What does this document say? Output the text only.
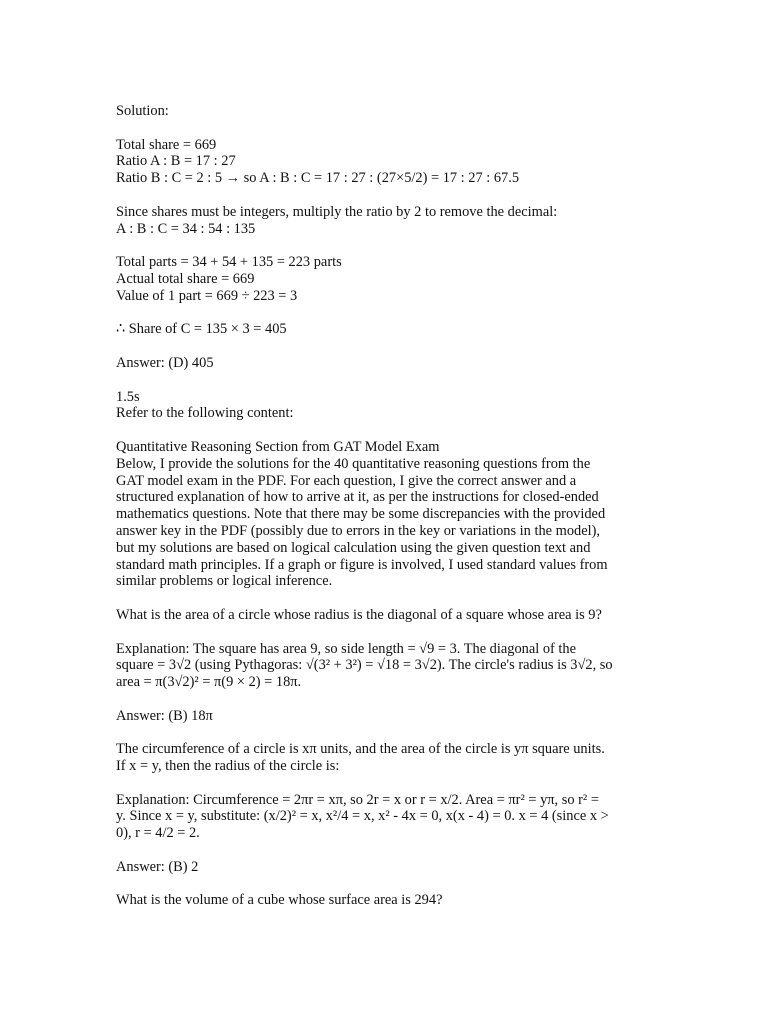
Solution:
Total share = 669
Ratio A : B = 17 : 27
Ratio B : C = 2 : 5 → so A : B : C = 17 : 27 : (27×5/2) = 17 : 27 : 67.5
Since shares must be integers, multiply the ratio by 2 to remove the decimal:
A : B : C = 34 : 54 : 135
Total parts = 34 + 54 + 135 = 223 parts
Actual total share = 669
Value of 1 part = 669 ÷ 223 = 3
∴ Share of C = 135 × 3 = 405
Answer: (D) 405
1.5s
Refer to the following content:
Quantitative Reasoning Section from GAT Model Exam
Below, I provide the solutions for the 40 quantitative reasoning questions from the
GAT model exam in the PDF. For each question, I give the correct answer and a
structured explanation of how to arrive at it, as per the instructions for closed-ended
mathematics questions. Note that there may be some discrepancies with the provided
answer key in the PDF (possibly due to errors in the key or variations in the model),
but my solutions are based on logical calculation using the given question text and
standard math principles. If a graph or figure is involved, I used standard values from
similar problems or logical inference.
What is the area of a circle whose radius is the diagonal of a square whose area is 9?
Explanation: The square has area 9, so side length = √9 = 3. The diagonal of the
square = 3√2 (using Pythagoras: √(3² + 3²) = √18 = 3√2). The circle's radius is 3√2, so
area = π(3√2)² = π(9 × 2) = 18π.
Answer: (B) 18π
The circumference of a circle is xπ units, and the area of the circle is yπ square units.
If x = y, then the radius of the circle is:
Explanation: Circumference = 2πr = xπ, so 2r = x or r = x/2. Area = πr² = yπ, so r² =
y. Since x = y, substitute: (x/2)² = x, x²/4 = x, x² - 4x = 0, x(x - 4) = 0. x = 4 (since x >
0), r = 4/2 = 2.
Answer: (B) 2
What is the volume of a cube whose surface area is 294?
